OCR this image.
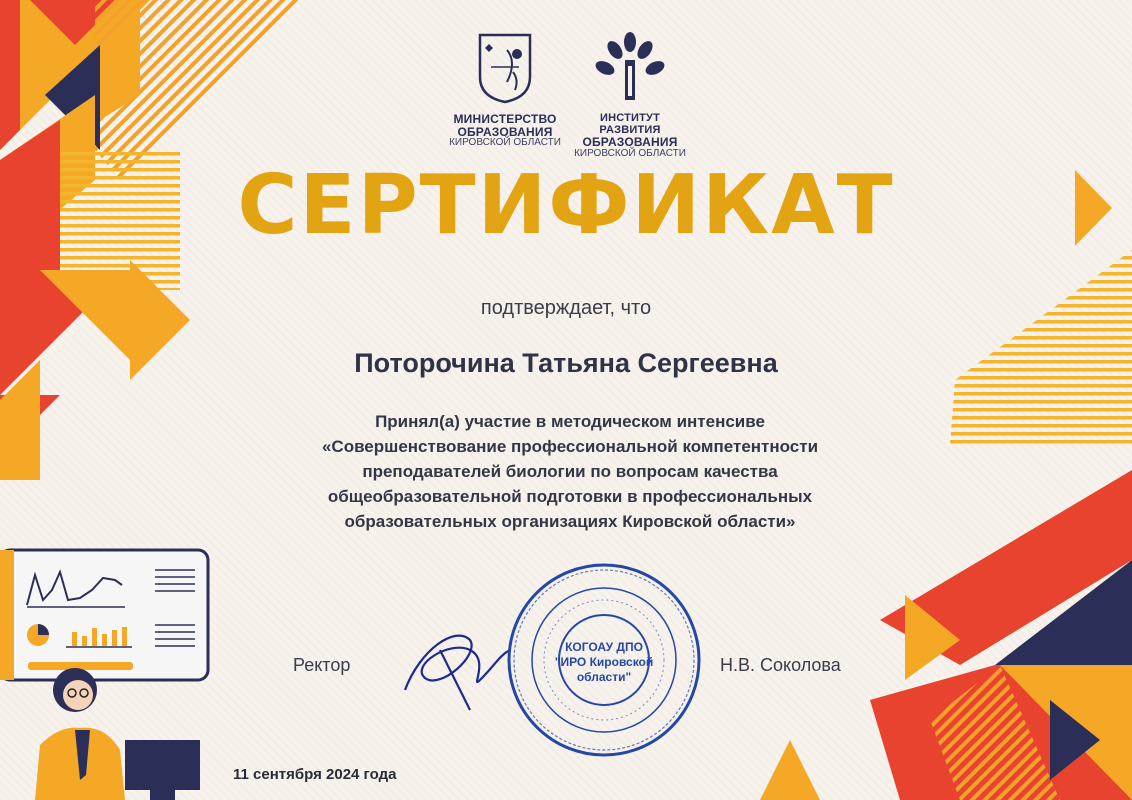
МИНИСТЕРСТВО
ОБРАЗОВАНИЯ
КИРОВСКОЙ ОБЛАСТИ
ИНСТИТУТ РАЗВИТИЯ
ОБРАЗОВАНИЯ
КИРОВСКОЙ ОБЛАСТИ
СЕРТИФИКАТ
подтверждает, что
Поторочина Татьяна Сергеевна
Принял(а) участие в методическом интенсиве
«Совершенствование профессиональной компетентности
преподавателей биологии по вопросам качества
общеобразовательной подготовки в профессиональных
образовательных организациях Кировской области»
Ректор	Н.В. Соколова
КОГОАУ ДПО
"ИРО Кировской
области"
11 сентября 2024 года
